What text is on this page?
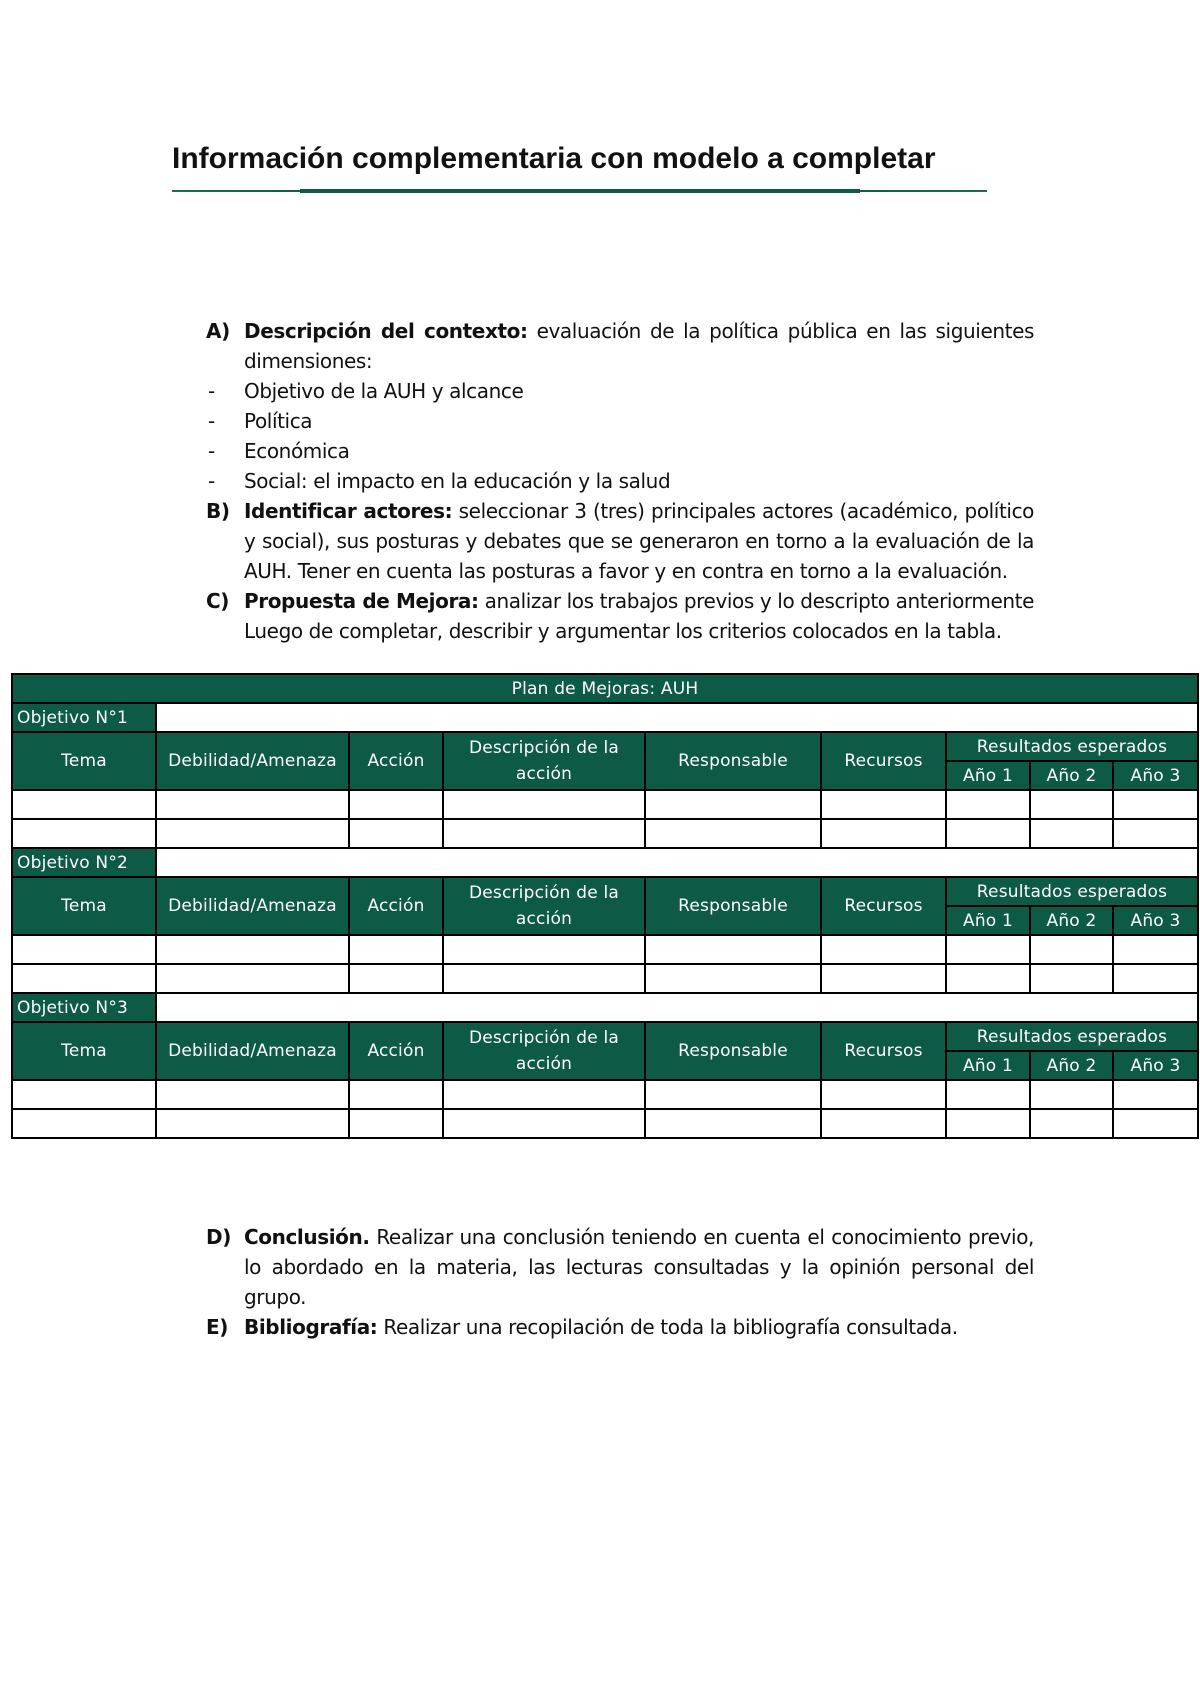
Información complementaria con modelo a completar
A) Descripción del contexto: evaluación de la política pública en las siguientes dimensiones:
- Objetivo de la AUH y alcance
- Política
- Económica
- Social: el impacto en la educación y la salud
B) Identificar actores: seleccionar 3 (tres) principales actores (académico, político y social), sus posturas y debates que se generaron en torno a la evaluación de la AUH. Tener en cuenta las posturas a favor y en contra en torno a la evaluación.
C) Propuesta de Mejora: analizar los trabajos previos y lo descripto anteriormente Luego de completar, describir y argumentar los criterios colocados en la tabla.
Plan de Mejoras: AUH								
Objetivo N°1								
Tema	Debilidad/Amenaza	Acción	Descripción de la acción	Responsable	Recursos	Resultados esperados		
						Año 1	Año 2	Año 3

Objetivo N°2								
Tema	Debilidad/Amenaza	Acción	Descripción de la acción	Responsable	Recursos	Resultados esperados		
						Año 1	Año 2	Año 3

Objetivo N°3								
Tema	Debilidad/Amenaza	Acción	Descripción de la acción	Responsable	Recursos	Resultados esperados		
						Año 1	Año 2	Año 3

D) Conclusión. Realizar una conclusión teniendo en cuenta el conocimiento previo, lo abordado en la materia, las lecturas consultadas y la opinión personal del grupo.
E) Bibliografía: Realizar una recopilación de toda la bibliografía consultada.
